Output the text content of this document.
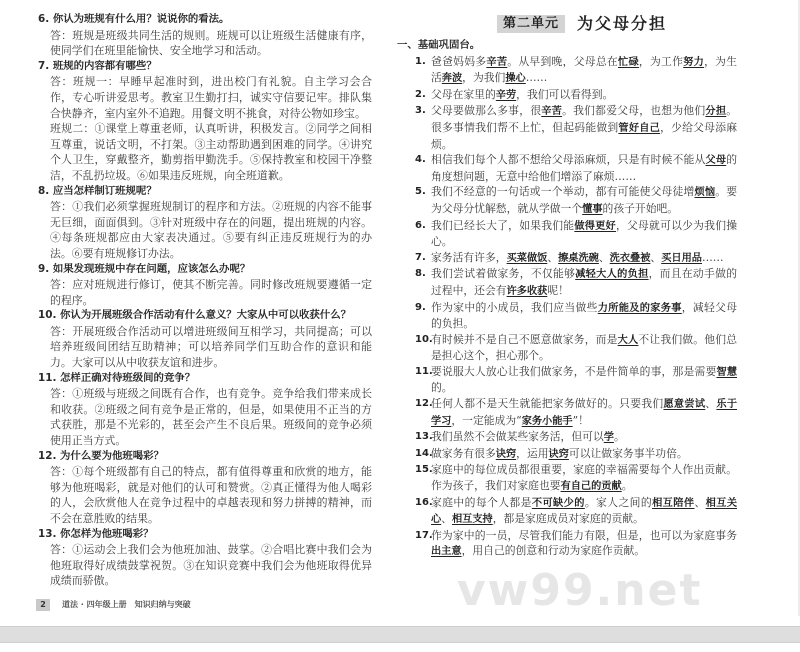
6. 你认为班规有什么用？说说你的看法。
答：班规是班级共同生活的规则。班规可以让班级生活健康有序，使同学们在班里能愉快、安全地学习和活动。
7. 班规的内容都有哪些？
答：班规一：早睡早起准时到，进出校门有礼貌。自主学习会合作，专心听讲爱思考。教室卫生勤打扫，诚实守信要记牢。排队集合快静齐，室内室外不追跑。用餐文明不挑食，对待公物如珍宝。
班规二：①课堂上尊重老师，认真听讲，积极发言。②同学之间相互尊重，说话文明，不打架。③主动帮助遇到困难的同学。④讲究个人卫生，穿戴整齐，勤剪指甲勤洗手。⑤保持教室和校园干净整洁，不乱扔垃圾。⑥如果违反班规，向全班道歉。
8. 应当怎样制订班规呢？
答：①我们必须掌握班规制订的程序和方法。②班规的内容不能事无巨细，面面俱到。③针对班级中存在的问题，提出班规的内容。④每条班规都应由大家表决通过。⑤要有纠正违反班规行为的办法。⑥要有班规修订办法。
9. 如果发现班规中存在问题，应该怎么办呢？
答：应对班规进行修订，使其不断完善。同时修改班规要遵循一定的程序。
10. 你认为开展班级合作活动有什么意义？大家从中可以收获什么？
答：开展班级合作活动可以增进班级间互相学习，共同提高；可以培养班级间团结互助精神；可以培养同学们互助合作的意识和能力。大家可以从中收获友谊和进步。
11. 怎样正确对待班级间的竞争？
答：①班级与班级之间既有合作，也有竞争。竞争给我们带来成长和收获。②班级之间有竞争是正常的，但是，如果使用不正当的方式获胜，那是不光彩的，甚至会产生不良后果。班级间的竞争必须使用正当方式。
12. 为什么要为他班喝彩？
答：①每个班级都有自己的特点，都有值得尊重和欣赏的地方，能够为他班喝彩，就是对他们的认可和赞赏。②真正懂得为他人喝彩的人，会欣赏他人在竞争过程中的卓越表现和努力拼搏的精神，而不会在意胜败的结果。
13. 你怎样为他班喝彩？
答：①运动会上我们会为他班加油、鼓掌。②合唱比赛中我们会为他班取得好成绩鼓掌祝贺。③在知识竞赛中我们会为他班取得优异成绩而骄傲。
2	道法 · 四年级上册　知识归纳与突破
第二单元	为父母分担
一、基础巩固台。
1. 爸爸妈妈多辛苦。从早到晚，父母总在忙碌，为工作努力，为生活奔波，为我们操心……
2. 父母在家里的辛劳，我们可以看得到。
3. 父母要做那么多事，很辛苦。我们都爱父母，也想为他们分担。很多事情我们帮不上忙，但起码能做到管好自己，少给父母添麻烦。
4. 相信我们每个人都不想给父母添麻烦，只是有时候不能从父母的角度想问题，无意中给他们增添了麻烦……
5. 我们不经意的一句话或一个举动，都有可能使父母徒增烦恼。要为父母分忧解愁，就从学做一个懂事的孩子开始吧。
6. 我们已经长大了，如果我们能做得更好，父母就可以少为我们操心。
7. 家务活有许多，买菜做饭、擦桌洗碗、洗衣叠被、买日用品……
8. 我们尝试着做家务，不仅能够减轻大人的负担，而且在动手做的过程中，还会有许多收获呢！
9. 作为家中的小成员，我们应当做些力所能及的家务事，减轻父母的负担。
10.
有时候并不是自己不愿意做家务，而是大人不让我们做。他们总是担心这个，担心那个。
11.
要说服大人放心让我们做家务，不是件简单的事，那是需要智慧的。
12.
任何人都不是天生就能把家务做好的。只要我们愿意尝试、乐于学习，一定能成为“家务小能手”！
13.
我们虽然不会做某些家务活，但可以学。
14.
做家务有很多诀窍，运用诀窍可以让做家务事半功倍。
15.
家庭中的每位成员都很重要，家庭的幸福需要每个人作出贡献。作为孩子，我们对家庭也要有自己的贡献。
16.
家庭中的每个人都是不可缺少的。家人之间的相互陪伴、相互关心、相互支持，都是家庭成员对家庭的贡献。
17.
作为家中的一员，尽管我们能力有限，但是，也可以为家庭事务出主意，用自己的创意和行动为家庭作贡献。
vw99.net
